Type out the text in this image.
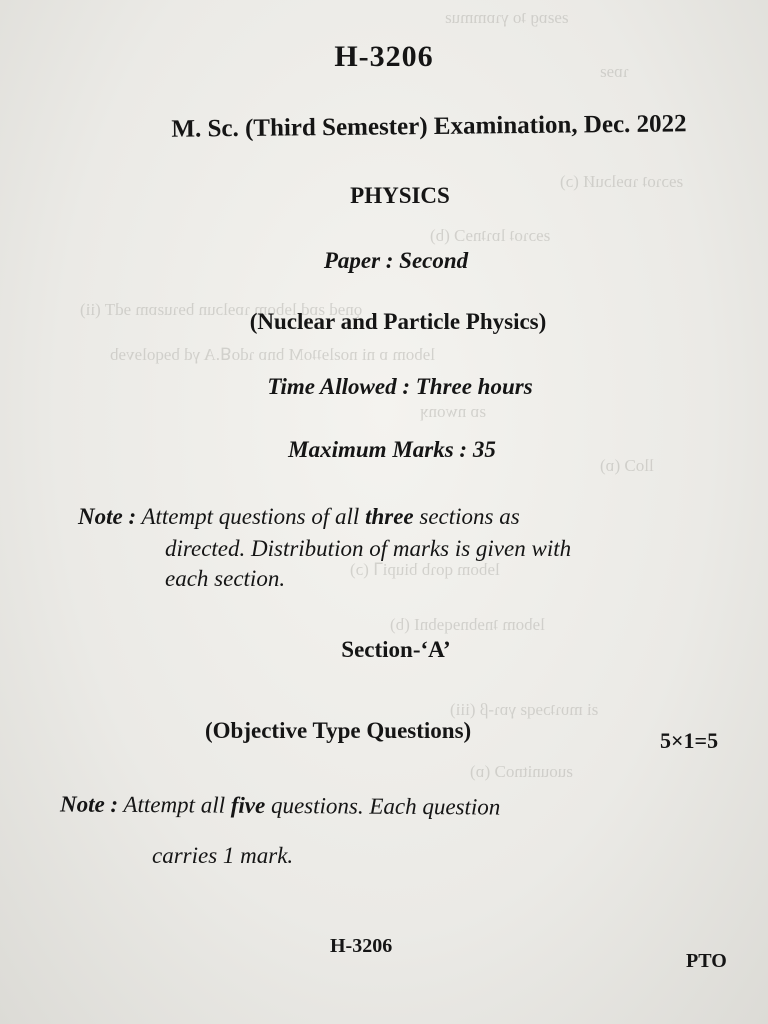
ƨɘƨɒɡ ʇo γɿɒmmuƨ
ɿɒɘƨ
ƨɘɔɿoʇ ɿɒɘlɔuИ (ɔ)
ƨɘɔɿoʇ lɒɿʇnɘƆ (b)
ǫnɘd ƨɒd lɘbom ɿɒɘlɔun bɘɿuƨɒm ɘdT (ii)
lɘbom ɒ ni noƨlɘʇʇoM bnɒ ɿdoꓭ.A γd bɘqolɘvɘb
ƨɒ nwonʞ
lloƆ (ɒ)
lɘbom qoɿb biupiꓶ (ɔ)
lɘbom ʇnɘbnɘqɘbnI (b)
ƨi mυɿʇɔɘqƨ γɒɿ-β (iii)
ƨuounitnoƆ (ɒ)
H-3206
M. Sc. (Third Semester) Examination, Dec. 2022
PHYSICS
Paper : Second
(Nuclear and Particle Physics)
Time Allowed : Three hours
Maximum Marks : 35
Note : Attempt questions of all three sections as
directed. Distribution of marks is given with
each section.
Section-‘A’
(Objective Type Questions)	5×1=5
Note : Attempt all five questions. Each question
carries 1 mark.
H-3206
PTO
